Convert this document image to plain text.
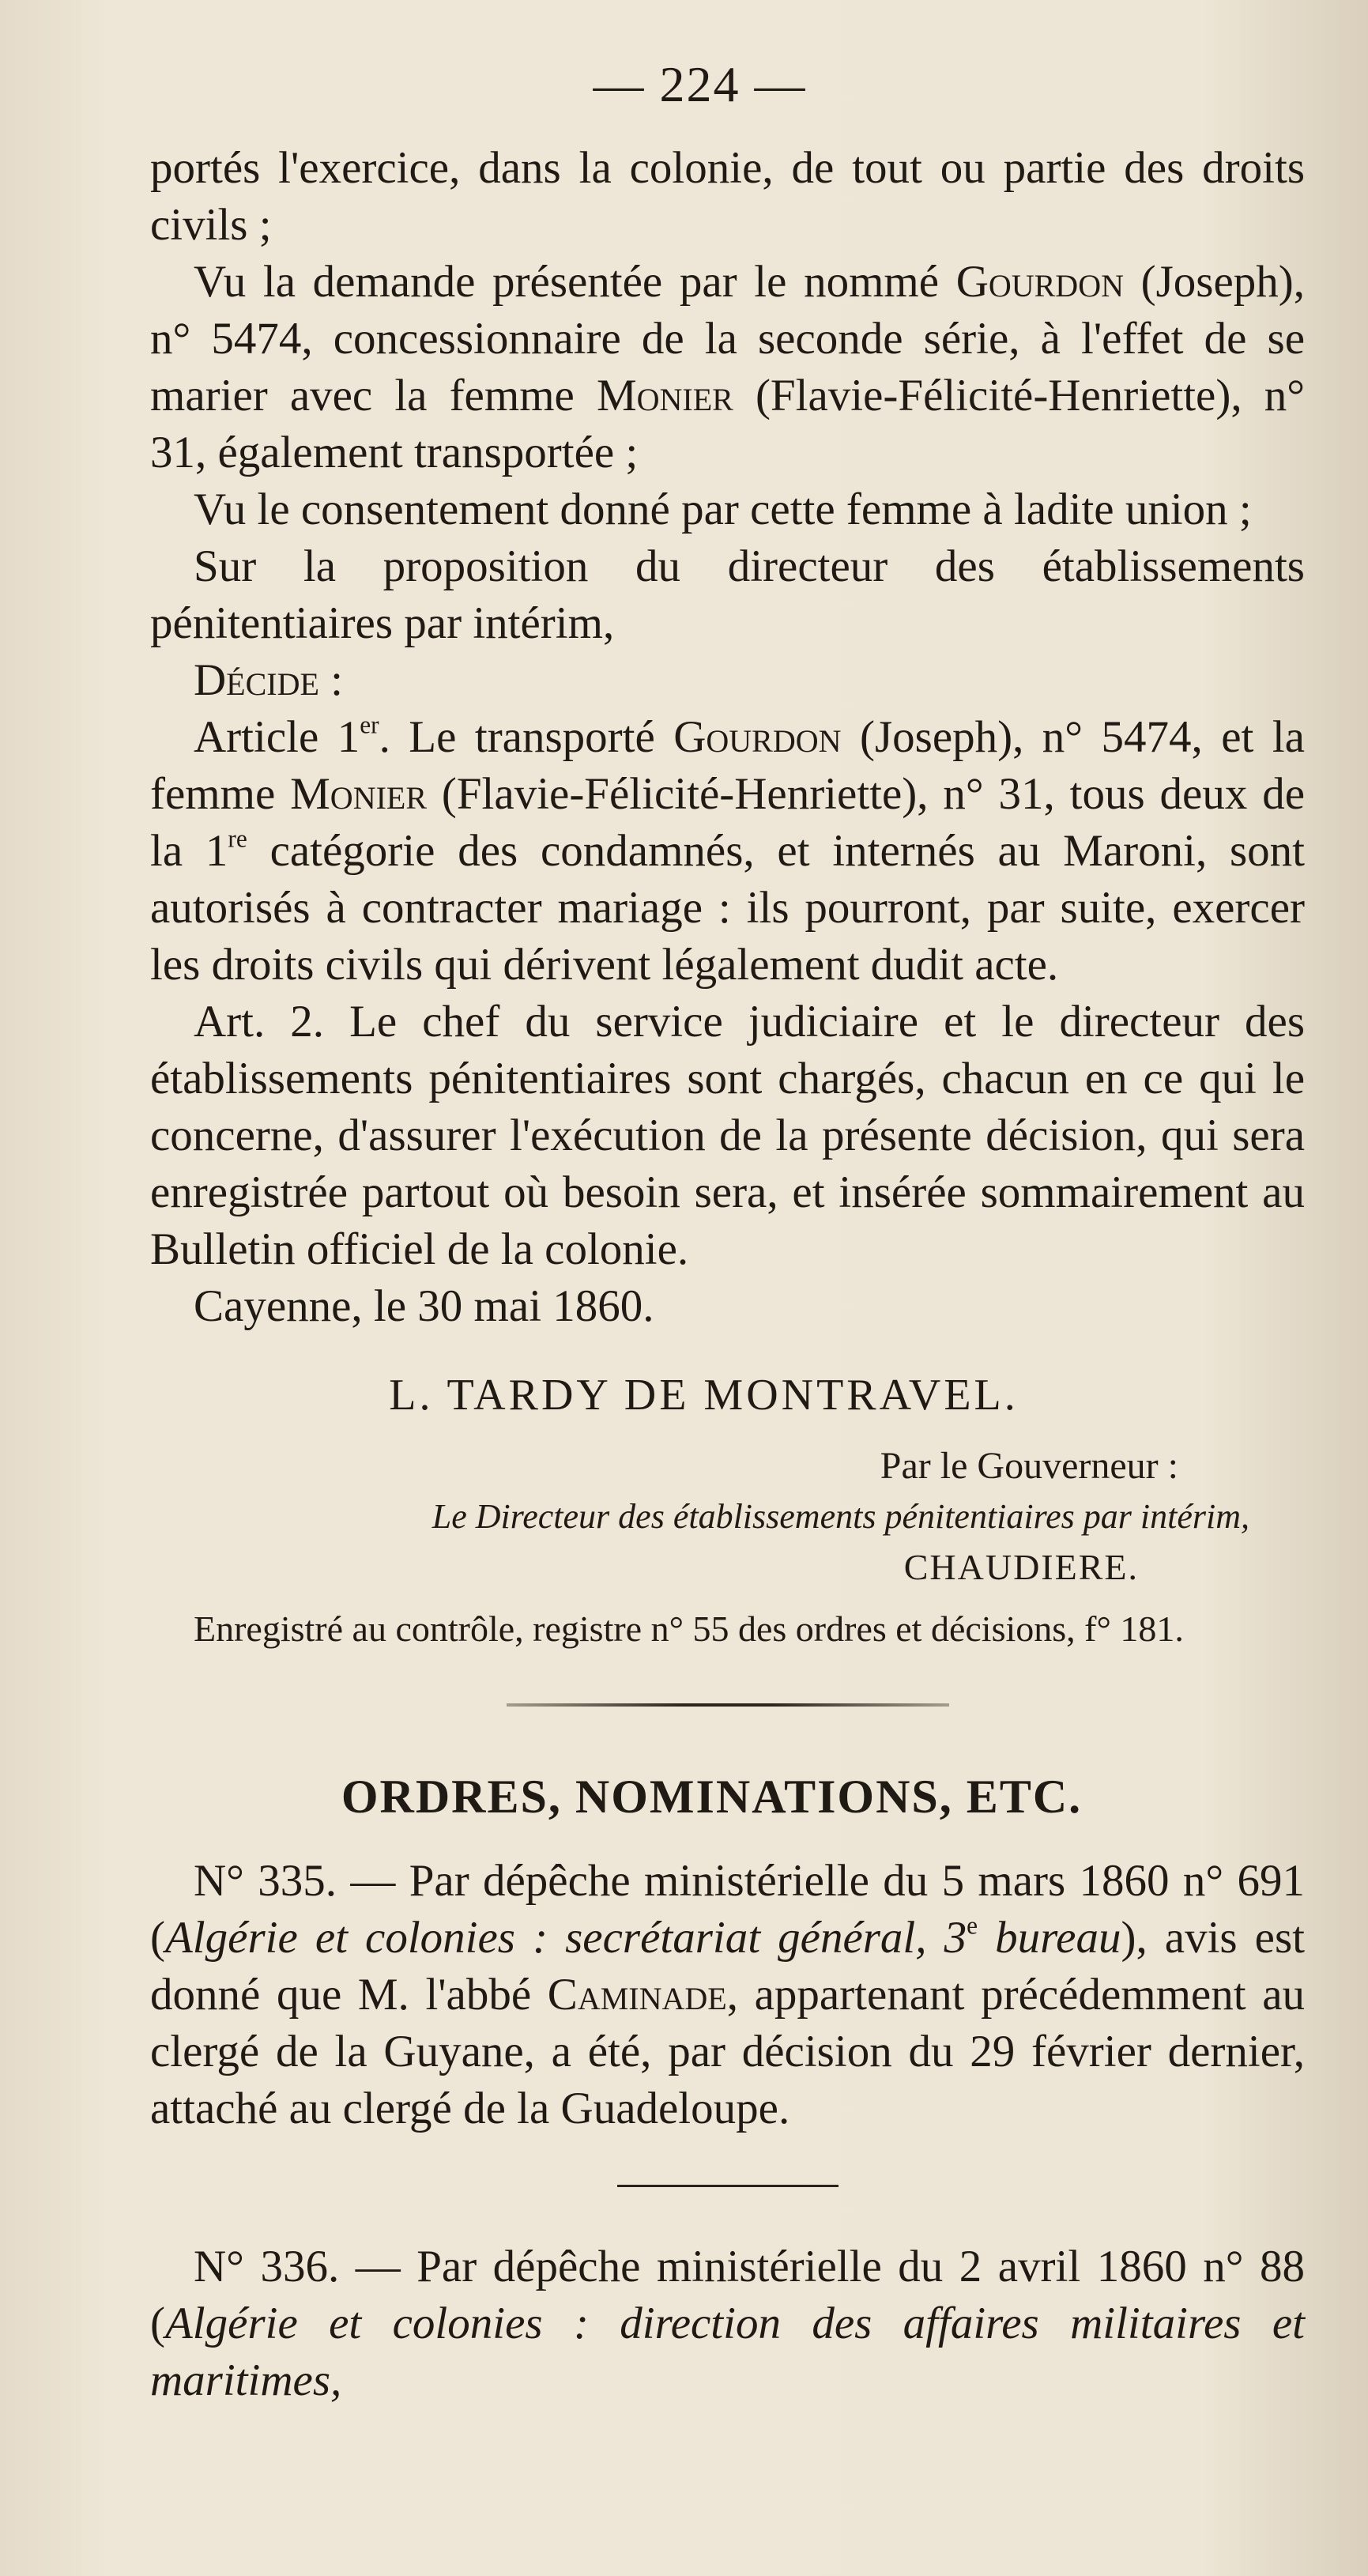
— 224 —

portés l'exercice, dans la colonie, de tout ou partie des droits civils ;

Vu la demande présentée par le nommé Gourdon (Joseph), n° 5474, concessionnaire de la seconde série, à l'effet de se marier avec la femme Monier (Flavie-Félicité-Henriette), n° 31, également transportée ;

Vu le consentement donné par cette femme à ladite union ;

Sur la proposition du directeur des établissements pénitentiaires par intérim,

Décide :

Article 1er. Le transporté Gourdon (Joseph), n° 5474, et la femme Monier (Flavie-Félicité-Henriette), n° 31, tous deux de la 1re catégorie des condamnés, et internés au Maroni, sont autorisés à contracter mariage : ils pourront, par suite, exercer les droits civils qui dérivent légalement dudit acte.

Art. 2. Le chef du service judiciaire et le directeur des établissements pénitentiaires sont chargés, chacun en ce qui le concerne, d'assurer l'exécution de la présente décision, qui sera enregistrée partout où besoin sera, et insérée sommairement au Bulletin officiel de la colonie.

Cayenne, le 30 mai 1860.

L. TARDY DE MONTRAVEL.
Par le Gouverneur :
Le Directeur des établissements pénitentiaires par intérim,
CHAUDIERE.

Enregistré au contrôle, registre n° 55 des ordres et décisions, f° 181.

ORDRES, NOMINATIONS, ETC.

N° 335. — Par dépêche ministérielle du 5 mars 1860 n° 691 (Algérie et colonies : secrétariat général, 3e bureau), avis est donné que M. l'abbé Caminade, appartenant précédemment au clergé de la Guyane, a été, par décision du 29 février dernier, attaché au clergé de la Guadeloupe.

N° 336. — Par dépêche ministérielle du 2 avril 1860 n° 88 (Algérie et colonies : direction des affaires militaires et maritimes,
